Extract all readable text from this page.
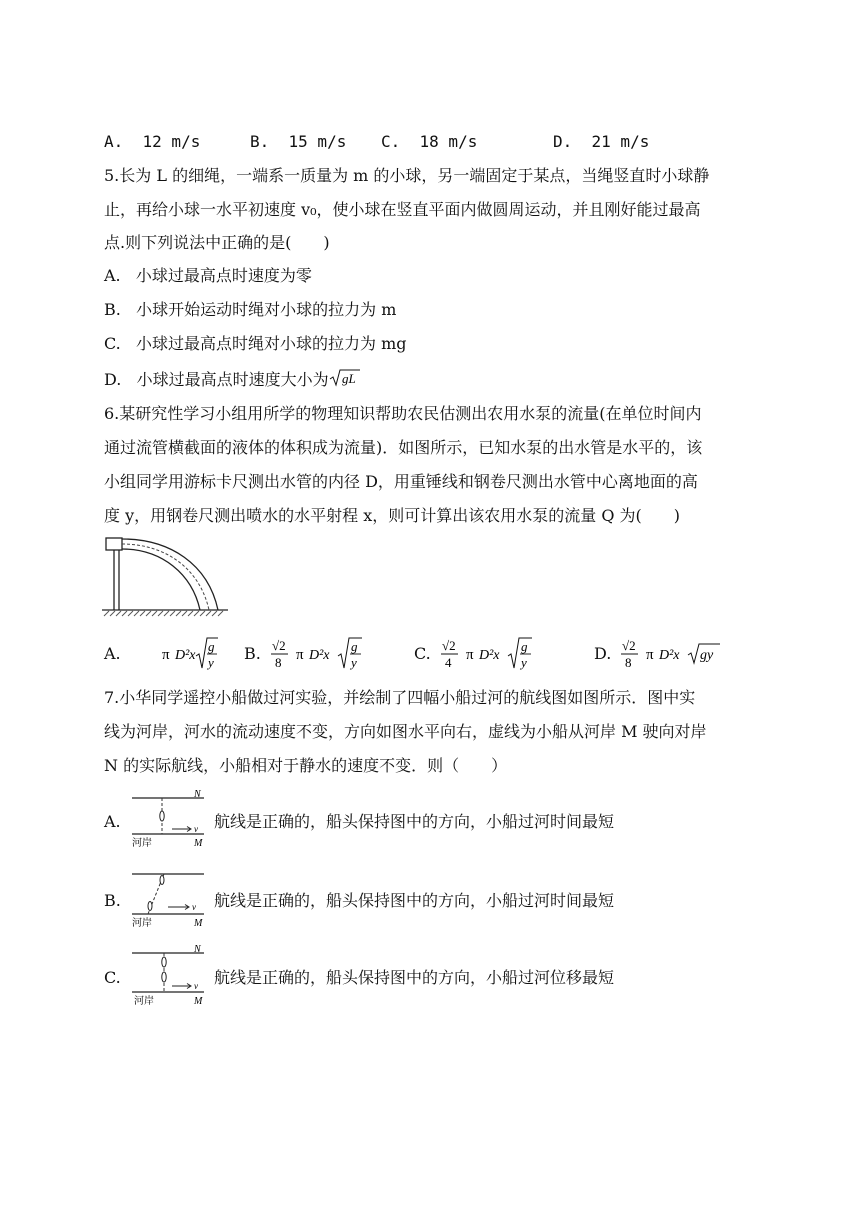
A. 12 m/s	B. 15 m/s C. 18 m/s	D. 21 m/s
5.长为 L 的细绳，一端系一质量为 m 的小球，另一端固定于某点，当绳竖直时小球静
止，再给小球一水平初速度 v₀，使小球在竖直平面内做圆周运动，并且刚好能过最高
点.则下列说法中正确的是(　　)
A. 小球过最高点时速度为零
B. 小球开始运动时绳对小球的拉力为 m
C. 小球过最高点时绳对小球的拉力为 mg
D. 小球过最高点时速度大小为 gL
6.某研究性学习小组用所学的物理知识帮助农民估测出农用水泵的流量(在单位时间内
通过流管横截面的液体的体积成为流量)．如图所示，已知水泵的出水管是水平的，该
小组同学用游标卡尺测出水管的内径 D，用重锤线和钢卷尺测出水管中心离地面的高
度 y，用钢卷尺测出喷水的水平射程 x，则可计算出该农用水泵的流量 Q 为(　　)
A.	π D²x
g
y B. √2
8 π D²x
g
y	C. √2
4 π D²x
g
y	D. √2
8 π D²x gy
7.小华同学遥控小船做过河实验，并绘制了四幅小船过河的航线图如图所示．图中实
线为河岸，河水的流动速度不变，方向如图水平向右，虚线为小船从河岸 M 驶向对岸
N 的实际航线，小船相对于静水的速度不变．则（　　）
A.	v
N
M
河岸
航线是正确的，船头保持图中的方向，小船过河时间最短
B.	v
M
河岸
航线是正确的，船头保持图中的方向，小船过河时间最短
C.	v
N
M
河岸
航线是正确的，船头保持图中的方向，小船过河位移最短
